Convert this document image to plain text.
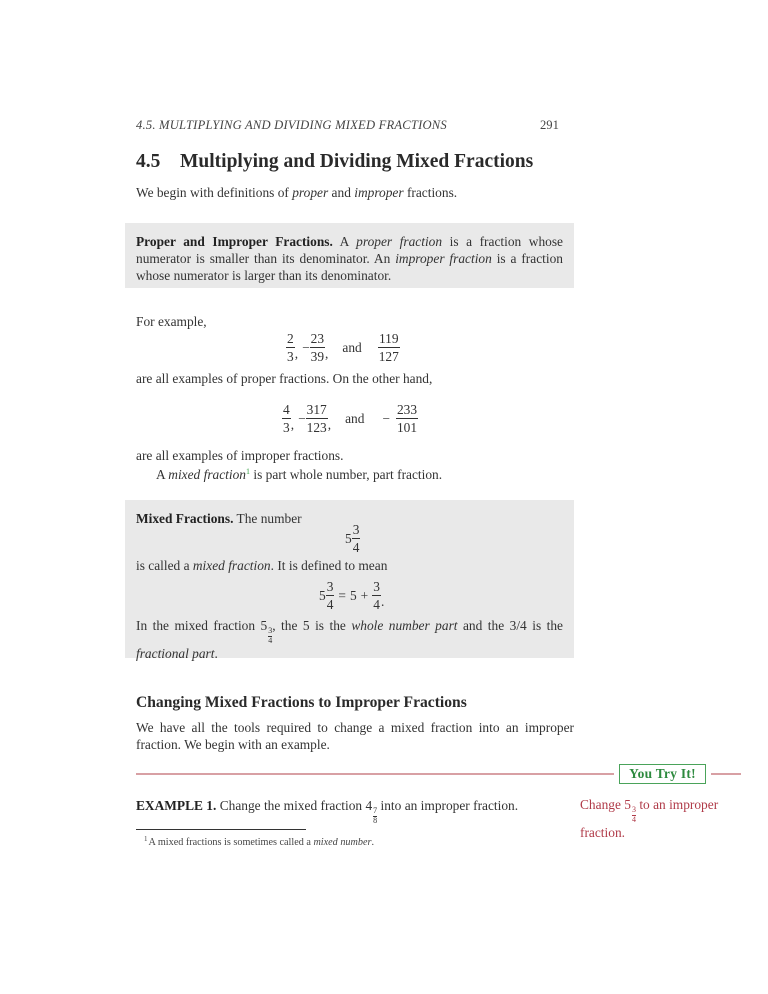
4.5. MULTIPLYING AND DIVIDING MIXED FRACTIONS	291
4.5 Multiplying and Dividing Mixed Fractions
We begin with definitions of proper and improper fractions.
Proper and Improper Fractions. A proper fraction is a fraction whose numerator is smaller than its denominator. An improper fraction is a fraction whose numerator is larger than its denominator.
For example,
$\frac{2}{3}$ , − $\frac{23}{39}$ , and $\frac{119}{127}$
are all examples of proper fractions. On the other hand,
$\frac{4}{3}$ , − $\frac{317}{123}$ , and − $\frac{233}{101}$
are all examples of improper fractions.
A mixed fraction$^1$ is part whole number, part fraction.
Mixed Fractions. The number
$5 \frac{3}{4}$
is called a mixed fraction. It is defined to mean
$5 \frac{3}{4} = 5 + \frac{3}{4}$ .
In the mixed fraction 5
$\frac{3}{4}$
, the 5 is the whole number part and the 3/4 is the fractional part.
Changing Mixed Fractions to Improper Fractions
We have all the tools required to change a mixed fraction into an improper fraction. We begin with an example.
You Try It!
Change 5
$\frac{3}{4}$
to an improper fraction.
EXAMPLE 1. Change the mixed fraction 4
$\frac{7}{8}$
into an improper fraction.
$^1$A mixed fractions is sometimes called a mixed number.
